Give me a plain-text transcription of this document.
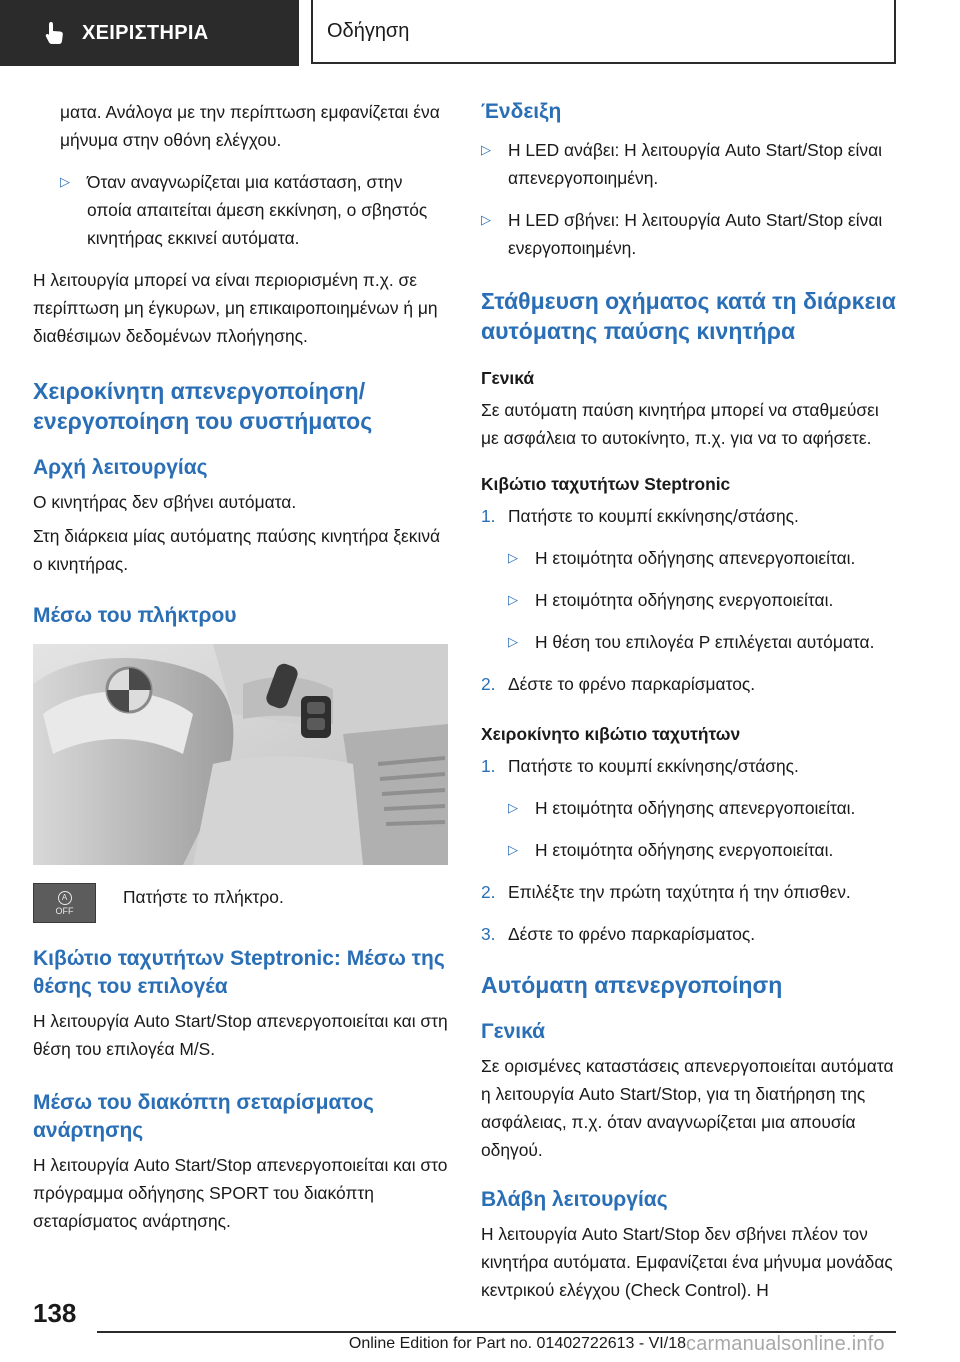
ΧΕΙΡΙΣΤΗΡΙΑ	Οδήγηση

ματα. Ανάλογα με την περίπτωση εμφανίζεται ένα μήνυμα στην οθόνη ελέγχου.

▷ Όταν αναγνωρίζεται μια κατάσταση, στην οποία απαιτείται άμεση εκκίνηση, ο σβηστός κινητήρας εκκινεί αυτόματα.

Η λειτουργία μπορεί να είναι περιορισμένη π.χ. σε περίπτωση μη έγκυρων, μη επικαιροποιημένων ή μη διαθέσιμων δεδομένων πλοήγησης.

Χειροκίνητη απενεργοποίηση/ ενεργοποίηση του συστήματος
Αρχή λειτουργίας

Ο κινητήρας δεν σβήνει αυτόματα.

Στη διάρκεια μίας αυτόματης παύσης κινητήρα ξεκινά ο κινητήρας.

Μέσω του πλήκτρου
A
OFF

Πατήστε το πλήκτρο.

Κιβώτιο ταχυτήτων Steptronic: Μέσω της θέσης του επιλογέα

Η λειτουργία Auto Start/Stop απενεργοποιείται και στη θέση του επιλογέα M/S.

Μέσω του διακόπτη σεταρίσματος ανάρτησης

Η λειτουργία Auto Start/Stop απενεργοποιείται και στο πρόγραμμα οδήγησης SPORT του διακόπτη σεταρίσματος ανάρτησης.

Ένδειξη
▷ Η LED ανάβει: Η λειτουργία Auto Start/Stop είναι απενεργοποιημένη.
▷ Η LED σβήνει: Η λειτουργία Auto Start/Stop είναι ενεργοποιημένη.
Στάθμευση οχήματος κατά τη διάρκεια αυτόματης παύσης κινητήρα
Γενικά

Σε αυτόματη παύση κινητήρα μπορεί να σταθμεύσει με ασφάλεια το αυτοκίνητο, π.χ. για να το αφήσετε.

Κιβώτιο ταχυτήτων Steptronic
1. Πατήστε το κουμπί εκκίνησης/στάσης.
▷ Η ετοιμότητα οδήγησης απενεργοποιείται.
▷ Η ετοιμότητα οδήγησης ενεργοποιείται.
▷ Η θέση του επιλογέα P επιλέγεται αυτόματα.
2. Δέστε το φρένο παρκαρίσματος.
Χειροκίνητο κιβώτιο ταχυτήτων
1. Πατήστε το κουμπί εκκίνησης/στάσης.
▷ Η ετοιμότητα οδήγησης απενεργοποιείται.
▷ Η ετοιμότητα οδήγησης ενεργοποιείται.
2. Επιλέξτε την πρώτη ταχύτητα ή την όπισθεν.
3. Δέστε το φρένο παρκαρίσματος.
Αυτόματη απενεργοποίηση
Γενικά

Σε ορισμένες καταστάσεις απενεργοποιείται αυτόματα η λειτουργία Auto Start/Stop, για τη διατήρηση της ασφάλειας, π.χ. όταν αναγνωρίζεται μια απουσία οδηγού.

Βλάβη λειτουργίας

Η λειτουργία Auto Start/Stop δεν σβήνει πλέον τον κινητήρα αυτόματα. Εμφανίζεται ένα μήνυμα μονάδας κεντρικού ελέγχου (Check Control). Η

138
Online Edition for Part no. 01402722613 - VI/18 carmanualsonline.info
